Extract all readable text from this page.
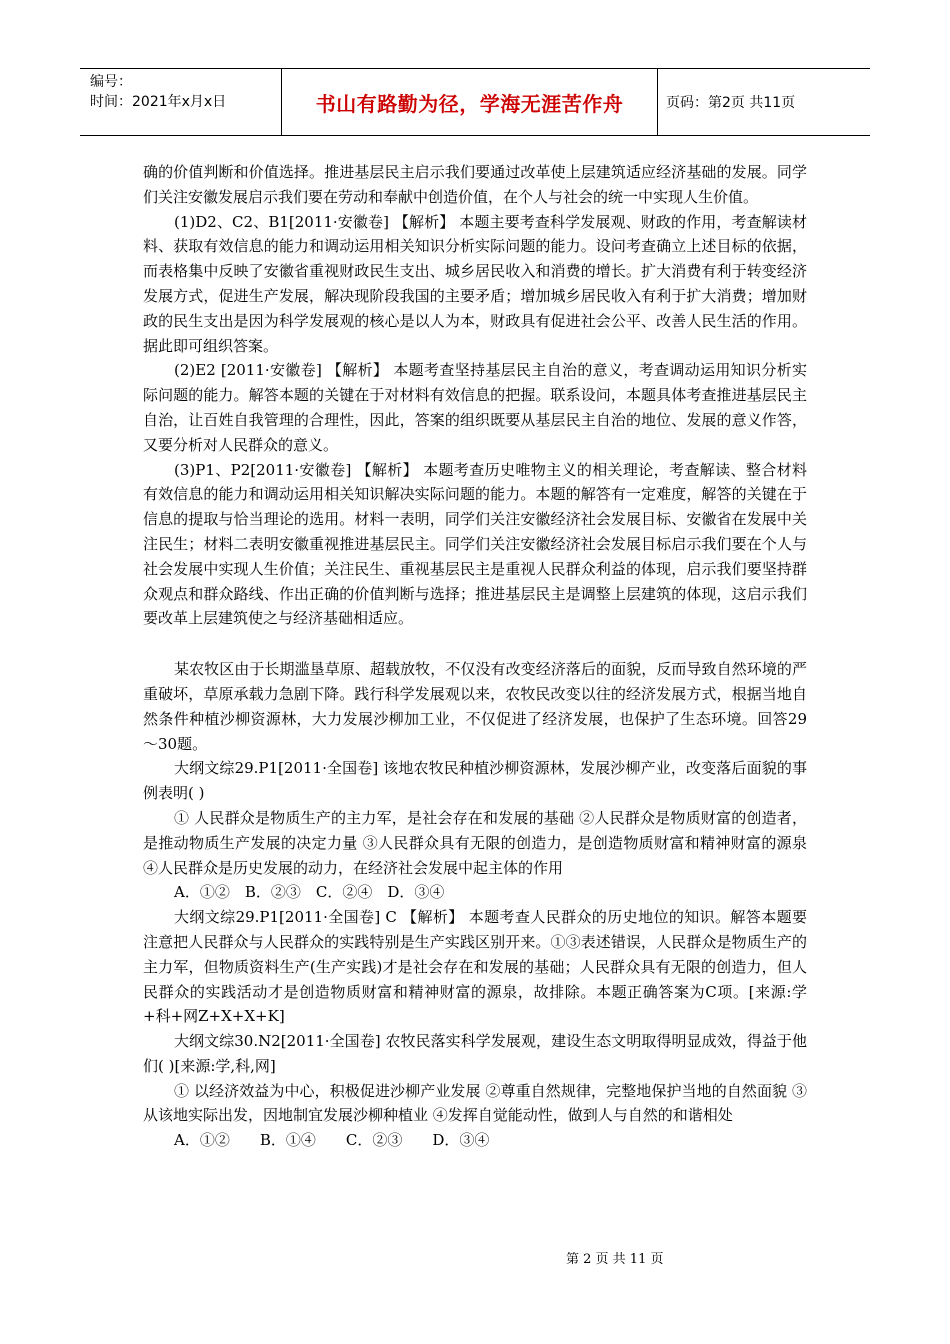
编号：
时间：2021年x月x日	书山有路勤为径，学海无涯苦作舟	页码：第2页 共11页

确的价值判断和价值选择。推进基层民主启示我们要通过改革使上层建筑适应经济基础的发展。同学们关注安徽发展启示我们要在劳动和奉献中创造价值，在个人与社会的统一中实现人生价值。

(1)D2、C2、B1[2011·安徽卷] 【解析】 本题主要考查科学发展观、财政的作用，考查解读材料、获取有效信息的能力和调动运用相关知识分析实际问题的能力。设问考查确立上述目标的依据，而表格集中反映了安徽省重视财政民生支出、城乡居民收入和消费的增长。扩大消费有利于转变经济发展方式，促进生产发展，解决现阶段我国的主要矛盾；增加城乡居民收入有利于扩大消费；增加财政的民生支出是因为科学发展观的核心是以人为本，财政具有促进社会公平、改善人民生活的作用。据此即可组织答案。

(2)E2 [2011·安徽卷] 【解析】 本题考查坚持基层民主自治的意义，考查调动运用知识分析实际问题的能力。解答本题的关键在于对材料有效信息的把握。联系设问，本题具体考查推进基层民主自治，让百姓自我管理的合理性，因此，答案的组织既要从基层民主自治的地位、发展的意义作答，又要分析对人民群众的意义。

(3)P1、P2[2011·安徽卷] 【解析】 本题考查历史唯物主义的相关理论，考查解读、整合材料有效信息的能力和调动运用相关知识解决实际问题的能力。本题的解答有一定难度，解答的关键在于信息的提取与恰当理论的选用。材料一表明，同学们关注安徽经济社会发展目标、安徽省在发展中关注民生；材料二表明安徽重视推进基层民主。同学们关注安徽经济社会发展目标启示我们要在个人与社会发展中实现人生价值；关注民生、重视基层民主是重视人民群众利益的体现，启示我们要坚持群众观点和群众路线、作出正确的价值判断与选择；推进基层民主是调整上层建筑的体现，这启示我们要改革上层建筑使之与经济基础相适应。

某农牧区由于长期滥垦草原、超载放牧，不仅没有改变经济落后的面貌，反而导致自然环境的严重破坏，草原承载力急剧下降。践行科学发展观以来，农牧民改变以往的经济发展方式，根据当地自然条件种植沙柳资源林，大力发展沙柳加工业，不仅促进了经济发展，也保护了生态环境。回答29～30题。

大纲文综29.P1[2011·全国卷] 该地农牧民种植沙柳资源林，发展沙柳产业，改变落后面貌的事例表明( )

① 人民群众是物质生产的主力军，是社会存在和发展的基础 ②人民群众是物质财富的创造者，是推动物质生产发展的决定力量 ③人民群众具有无限的创造力，是创造物质财富和精神财富的源泉 ④人民群众是历史发展的动力，在经济社会发展中起主体的作用

A．①②　B．②③　C．②④　D．③④

大纲文综29.P1[2011·全国卷] C 【解析】 本题考查人民群众的历史地位的知识。解答本题要注意把人民群众与人民群众的实践特别是生产实践区别开来。①③表述错误，人民群众是物质生产的主力军，但物质资料生产(生产实践)才是社会存在和发展的基础；人民群众具有无限的创造力，但人民群众的实践活动才是创造物质财富和精神财富的源泉，故排除。本题正确答案为C项。[来源:学+科+网Z+X+X+K]

大纲文综30.N2[2011·全国卷] 农牧民落实科学发展观，建设生态文明取得明显成效，得益于他们( )[来源:学,科,网]

① 以经济效益为中心，积极促进沙柳产业发展 ②尊重自然规律，完整地保护当地的自然面貌 ③从该地实际出发，因地制宜发展沙柳种植业 ④发挥自觉能动性，做到人与自然的和谐相处

A．①②　　B．①④　　C．②③　　D．③④

第 2 页 共 11 页
